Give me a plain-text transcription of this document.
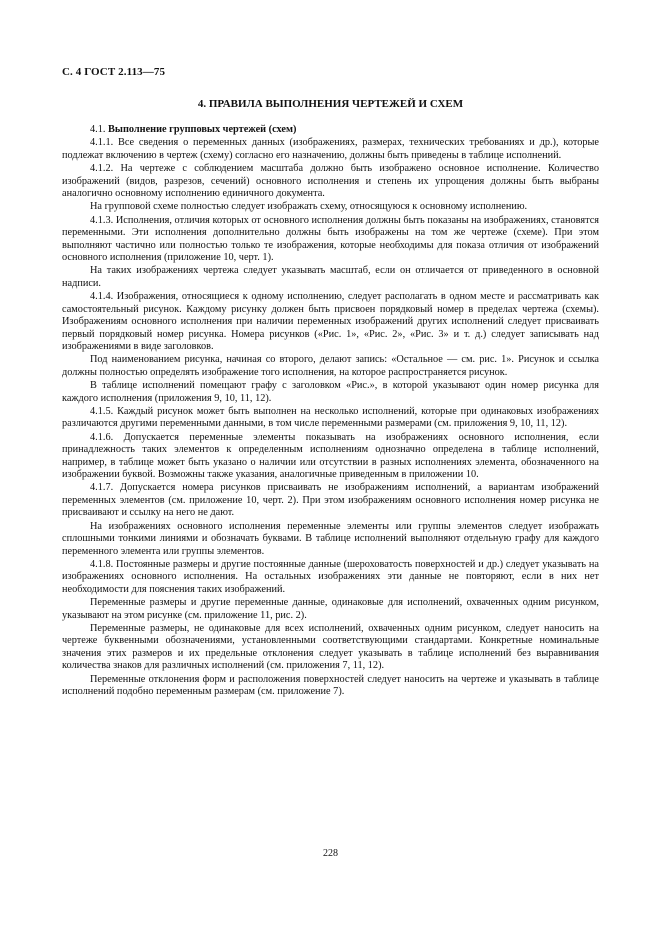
С. 4 ГОСТ 2.113—75
4. ПРАВИЛА ВЫПОЛНЕНИЯ ЧЕРТЕЖЕЙ И СХЕМ

4.1. Выполнение групповых чертежей (схем)

4.1.1. Все сведения о переменных данных (изображениях, размерах, технических требованиях и др.), которые подлежат включению в чертеж (схему) согласно его назначению, должны быть приведены в таблице исполнений.

4.1.2. На чертеже с соблюдением масштаба должно быть изображено основное исполнение. Количество изображений (видов, разрезов, сечений) основного исполнения и степень их упрощения должны быть выбраны аналогично основному исполнению единичного документа.

На групповой схеме полностью следует изображать схему, относящуюся к основному исполнению.

4.1.3. Исполнения, отличия которых от основного исполнения должны быть показаны на изображениях, становятся переменными. Эти исполнения дополнительно должны быть изображены на том же чертеже (схеме). При этом выполняют частично или полностью только те изображения, которые необходимы для показа отличия от изображений основного исполнения (приложение 10, черт. 1).

На таких изображениях чертежа следует указывать масштаб, если он отличается от приведенного в основной надписи.

4.1.4. Изображения, относящиеся к одному исполнению, следует располагать в одном месте и рассматривать как самостоятельный рисунок. Каждому рисунку должен быть присвоен порядковый номер в пределах чертежа (схемы). Изображениям основного исполнения при наличии переменных изображений других исполнений следует присваивать первый порядковый номер рисунка. Номера рисунков («Рис. 1», «Рис. 2», «Рис. 3» и т. д.) следует записывать над изображениями в виде заголовков.

Под наименованием рисунка, начиная со второго, делают запись: «Остальное — см. рис. 1». Рисунок и ссылка должны полностью определять изображение того исполнения, на которое распространяется рисунок.

В таблице исполнений помещают графу с заголовком «Рис.», в которой указывают один номер рисунка для каждого исполнения (приложения 9, 10, 11, 12).

4.1.5. Каждый рисунок может быть выполнен на несколько исполнений, которые при одинаковых изображениях различаются другими переменными данными, в том числе переменными размерами (см. приложения 9, 10, 11, 12).

4.1.6. Допускается переменные элементы показывать на изображениях основного исполнения, если принадлежность таких элементов к определенным исполнениям однозначно определена в таблице исполнений, например, в таблице может быть указано о наличии или отсутствии в разных исполнениях элемента, обозначенного на изображении буквой. Возможны также указания, аналогичные приведенным в приложении 10.

4.1.7. Допускается номера рисунков присваивать не изображениям исполнений, а вариантам изображений переменных элементов (см. приложение 10, черт. 2). При этом изображениям основного исполнения номер рисунка не присваивают и ссылку на него не дают.

На изображениях основного исполнения переменные элементы или группы элементов следует изображать сплошными тонкими линиями и обозначать буквами. В таблице исполнений выполняют отдельную графу для каждого переменного элемента или группы элементов.

4.1.8. Постоянные размеры и другие постоянные данные (шероховатость поверхностей и др.) следует указывать на изображениях основного исполнения. На остальных изображениях эти данные не повторяют, если в них нет необходимости для пояснения таких изображений.

Переменные размеры и другие переменные данные, одинаковые для исполнений, охваченных одним рисунком, указывают на этом рисунке (см. приложение 11, рис. 2).

Переменные размеры, не одинаковые для всех исполнений, охваченных одним рисунком, следует наносить на чертеже буквенными обозначениями, установленными соответствующими стандартами. Конкретные номинальные значения этих размеров и их предельные отклонения следует указывать в таблице исполнений без выравнивания количества знаков для различных исполнений (см. приложения 7, 11, 12).

Переменные отклонения форм и расположения поверхностей следует наносить на чертеже и указывать в таблице исполнений подобно переменным размерам (см. приложение 7).

228
